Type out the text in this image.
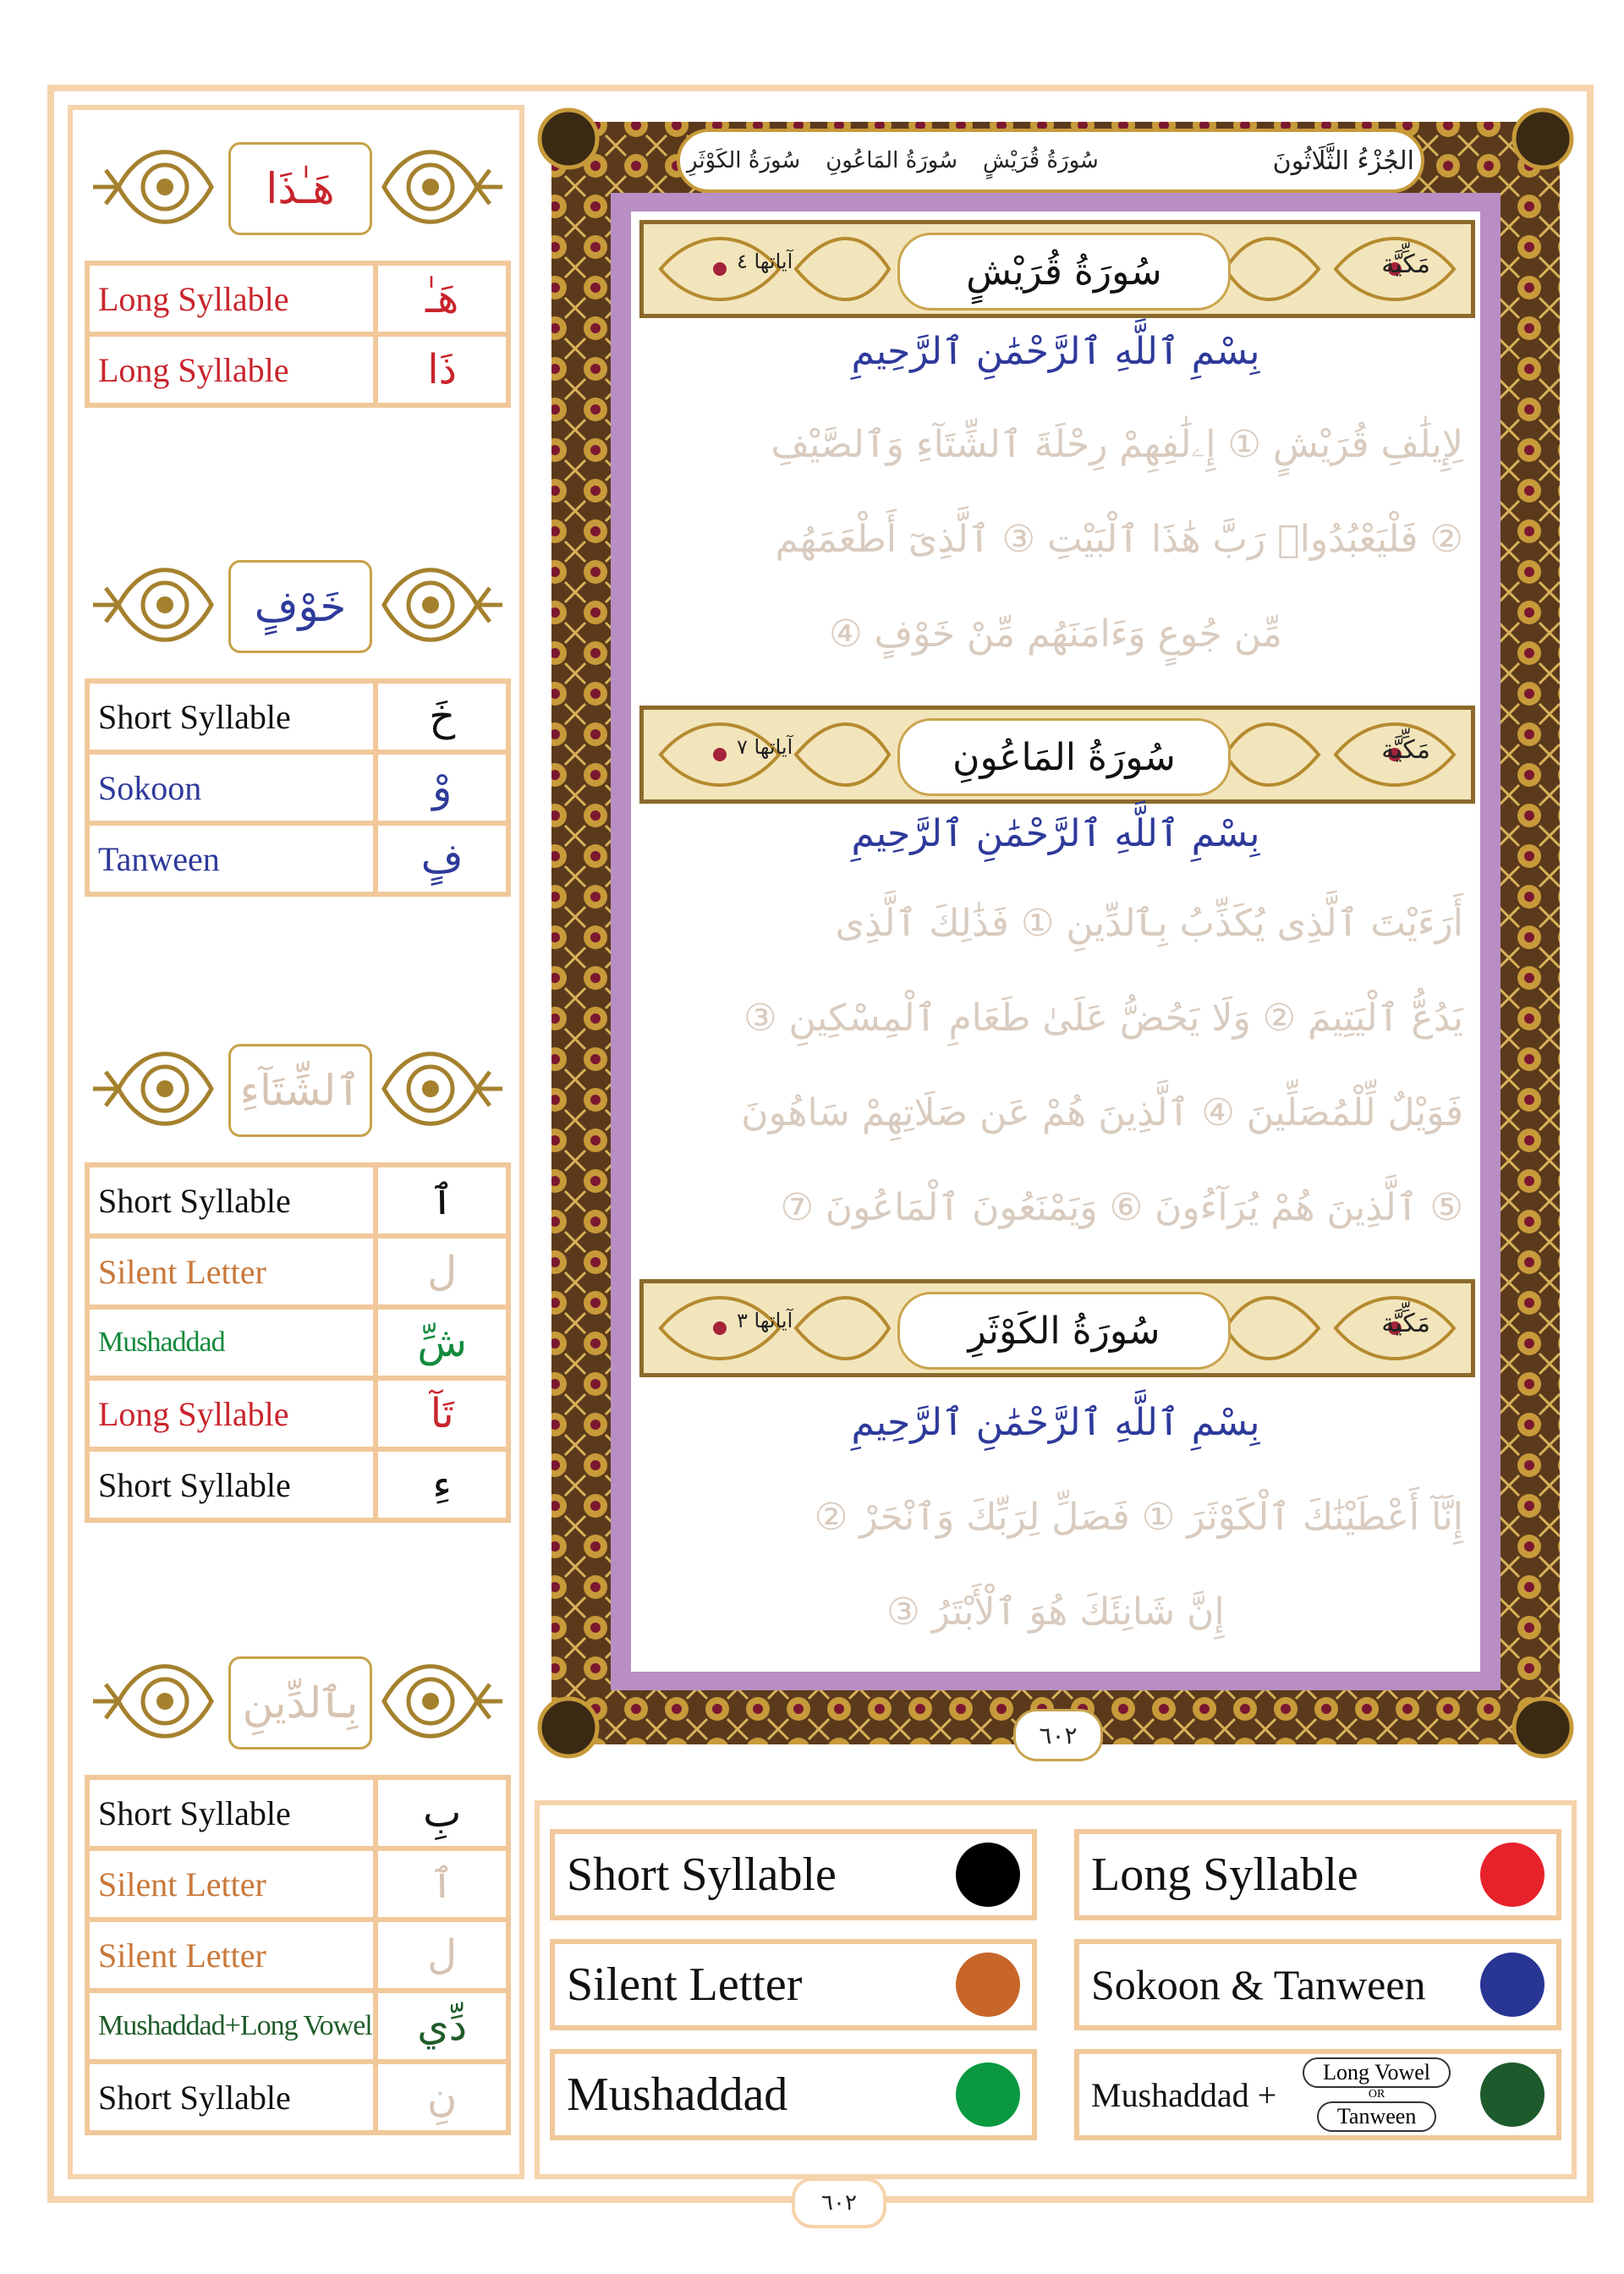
هَـٰذَا
Long Syllable	هَـٰ
Long Syllable	ذَا
خَوْفٍ
Short Syllable	خَ
Sokoon	وْ
Tanween	فٍ
ٱلشِّتَآءِ
Short Syllable	ٱ
Silent Letter	ل
Mushaddad	شِّ
Long Syllable	تَآ
Short Syllable	ءِ
بِٱلدِّينِ
Short Syllable	بِ
Silent Letter	ٱ
Silent Letter	ل
Mushaddad+Long Vowel	دِّي
Short Syllable	نِ
سُورَةُ الكَوْثَرِ سُورَةُ المَاعُونِ سُورَةُ قُرَيْشٍ	الجُزْءُ الثَّلَاثُونَ
آياتها ٤	سُورَةُ قُرَيْشٍ	مَكِّيَّة
بِسْمِ ٱللَّهِ ٱلرَّحْمَٰنِ ٱلرَّحِيمِ
لِإِيلَٰفِ قُرَيْشٍ ① إِۦلَٰفِهِمْ رِحْلَةَ ٱلشِّتَآءِ وَٱلصَّيْفِ
② فَلْيَعْبُدُوا۟ رَبَّ هَٰذَا ٱلْبَيْتِ ③ ٱلَّذِىٓ أَطْعَمَهُم
مِّن جُوعٍ وَءَامَنَهُم مِّنْ خَوْفٍ ④
آياتها ٧	سُورَةُ المَاعُونِ	مَكِّيَّة
بِسْمِ ٱللَّهِ ٱلرَّحْمَٰنِ ٱلرَّحِيمِ
أَرَءَيْتَ ٱلَّذِى يُكَذِّبُ بِٱلدِّينِ ① فَذَٰلِكَ ٱلَّذِى
يَدُعُّ ٱلْيَتِيمَ ② وَلَا يَحُضُّ عَلَىٰ طَعَامِ ٱلْمِسْكِينِ ③
فَوَيْلٌ لِّلْمُصَلِّينَ ④ ٱلَّذِينَ هُمْ عَن صَلَاتِهِمْ سَاهُونَ
⑤ ٱلَّذِينَ هُمْ يُرَآءُونَ ⑥ وَيَمْنَعُونَ ٱلْمَاعُونَ ⑦
آياتها ٣	سُورَةُ الكَوْثَرِ	مَكِّيَّة
بِسْمِ ٱللَّهِ ٱلرَّحْمَٰنِ ٱلرَّحِيمِ
إِنَّآ أَعْطَيْنَٰكَ ٱلْكَوْثَرَ ① فَصَلِّ لِرَبِّكَ وَٱنْحَرْ ②
إِنَّ شَانِئَكَ هُوَ ٱلْأَبْتَرُ ③
٦٠٢
Short Syllable	Long Syllable
Silent Letter	Sokoon & Tanween
Mushaddad	Mushaddad +
Long Vowel
OR
Tanween
٦٠٢
